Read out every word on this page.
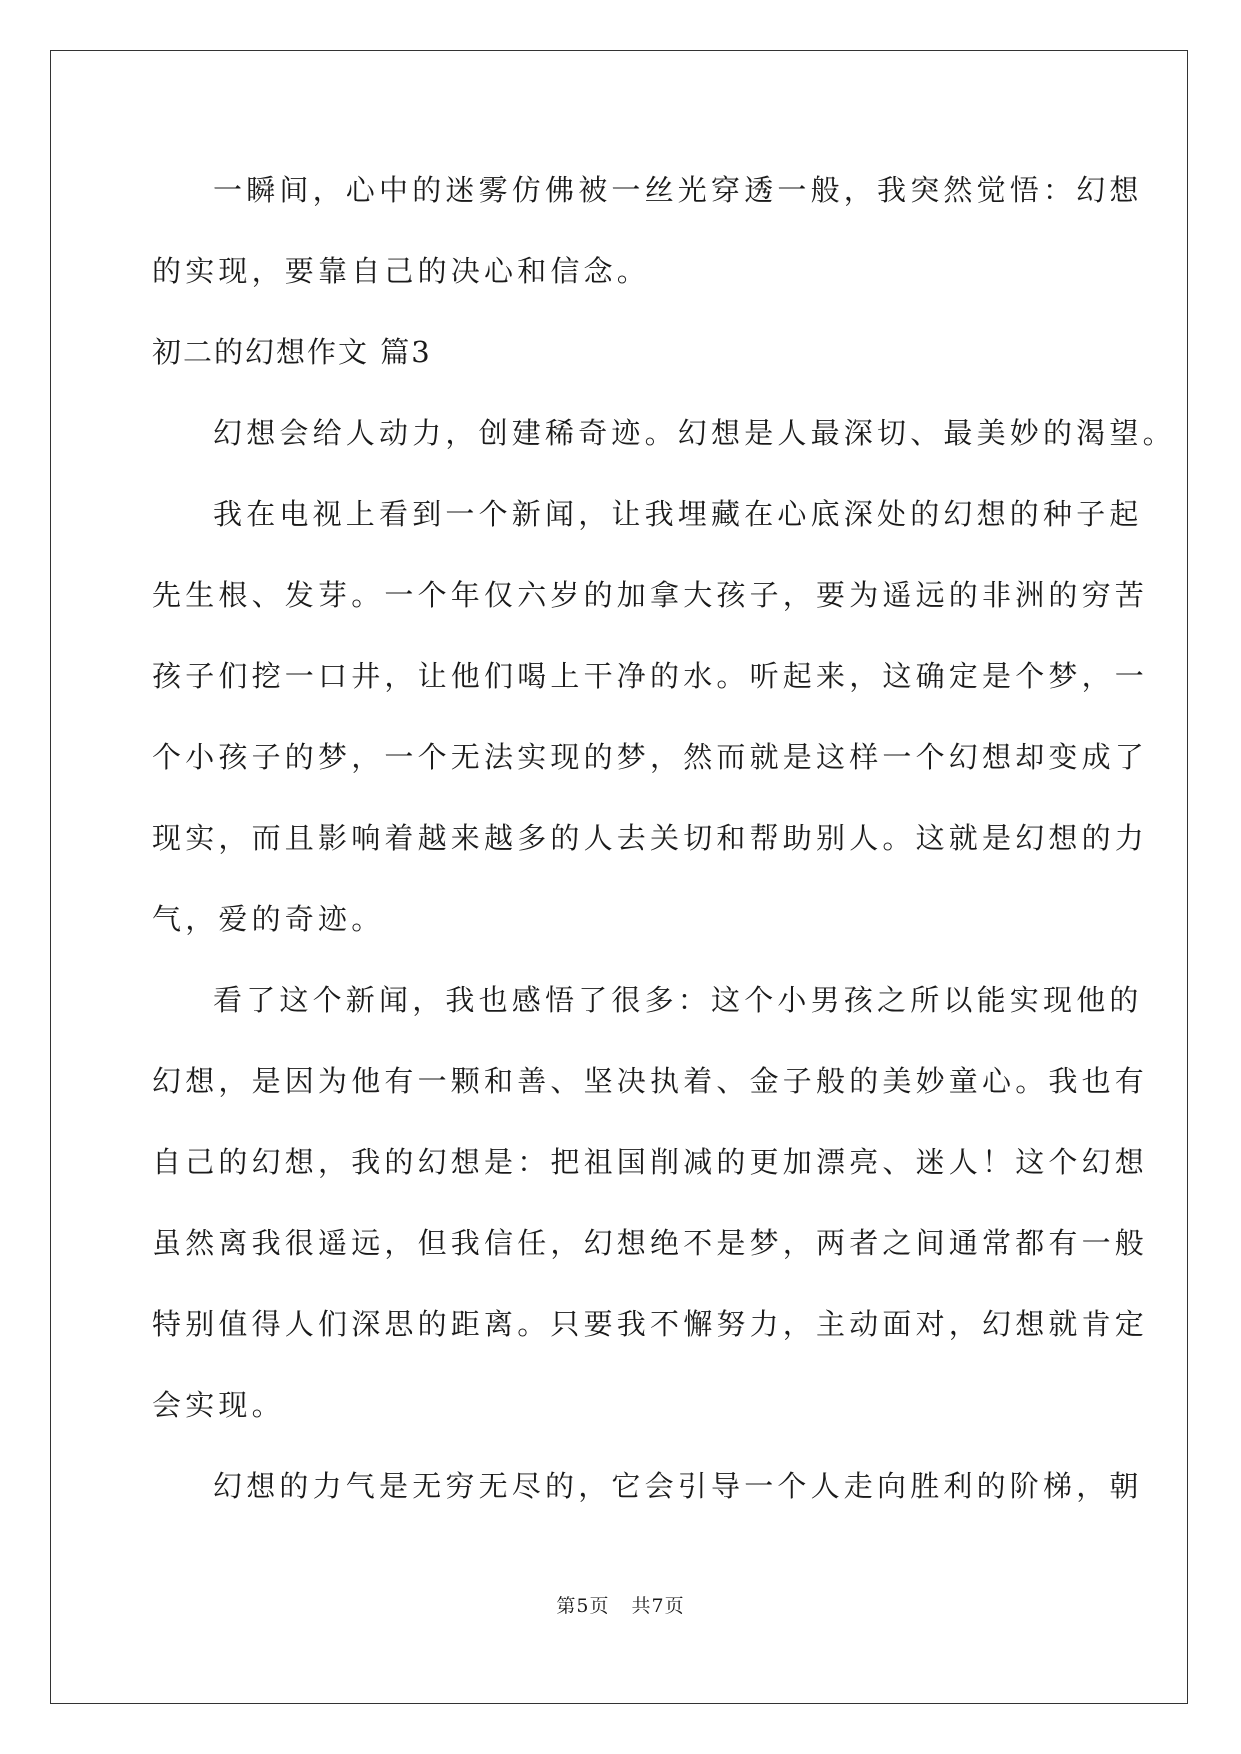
一瞬间，心中的迷雾仿佛被一丝光穿透一般，我突然觉悟：幻想
的实现，要靠自己的决心和信念。
初二的幻想作文 篇3
幻想会给人动力，创建稀奇迹。幻想是人最深切、最美妙的渴望。
我在电视上看到一个新闻，让我埋藏在心底深处的幻想的种子起
先生根、发芽。一个年仅六岁的加拿大孩子，要为遥远的非洲的穷苦
孩子们挖一口井，让他们喝上干净的水。听起来，这确定是个梦，一
个小孩子的梦，一个无法实现的梦，然而就是这样一个幻想却变成了
现实，而且影响着越来越多的人去关切和帮助别人。这就是幻想的力
气，爱的奇迹。
看了这个新闻，我也感悟了很多：这个小男孩之所以能实现他的
幻想，是因为他有一颗和善、坚决执着、金子般的美妙童心。我也有
自己的幻想，我的幻想是：把祖国削减的更加漂亮、迷人！这个幻想
虽然离我很遥远，但我信任，幻想绝不是梦，两者之间通常都有一般
特别值得人们深思的距离。只要我不懈努力，主动面对，幻想就肯定
会实现。
幻想的力气是无穷无尽的，它会引导一个人走向胜利的阶梯，朝
第5页 共7页
